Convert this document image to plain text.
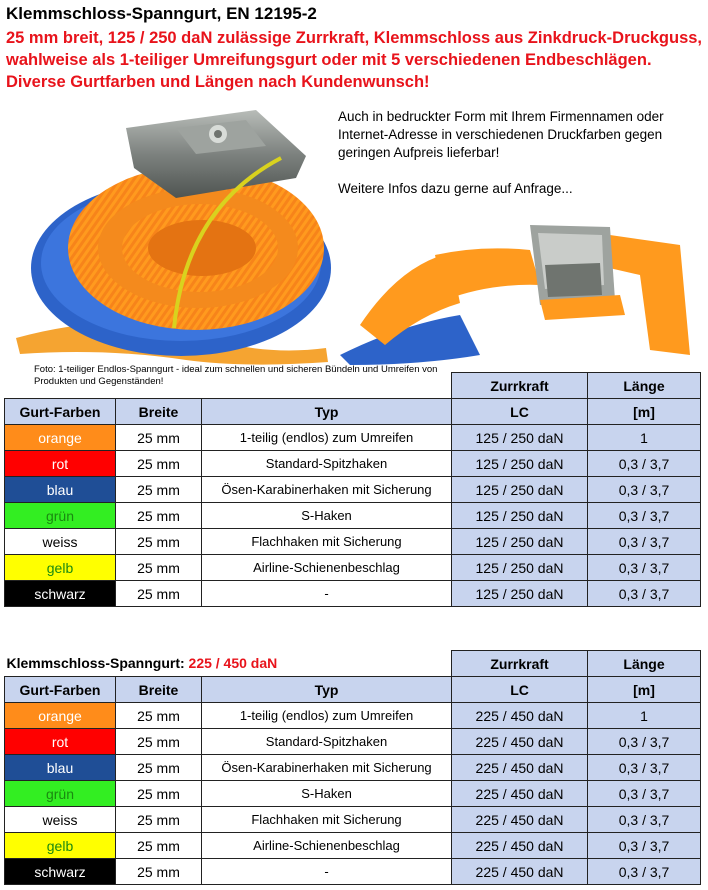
Klemmschloss-Spanngurt, EN 12195-2
25 mm breit, 125 / 250 daN zulässige Zurrkraft, Klemmschloss aus Zinkdruck-Druckguss, wahlweise als 1-teiliger Umreifungsgurt oder mit 5 verschiedenen Endbeschlägen. Diverse Gurtfarben und Längen nach Kundenwunsch!

Auch in bedruckter Form mit Ihrem Firmennamen oder Internet-Adresse in verschiedenen Druckfarben gegen geringen Aufpreis lieferbar!

Weitere Infos dazu gerne auf Anfrage...

Foto: 1-teiliger Endlos-Spanngurt - ideal zum schnellen und sicheren Bündeln und Umreifen von Produkten und Gegenständen!
				Zurrkraft	Länge
Gurt-Farben	Breite	Typ	LC	[m]
orange	25 mm	1-teilig (endlos) zum Umreifen	125 / 250 daN	1
rot	25 mm	Standard-Spitzhaken	125 / 250 daN	0,3 / 3,7
blau	25 mm	Ösen-Karabinerhaken mit Sicherung	125 / 250 daN	0,3 / 3,7
grün	25 mm	S-Haken	125 / 250 daN	0,3 / 3,7
weiss	25 mm	Flachhaken mit Sicherung	125 / 250 daN	0,3 / 3,7
gelb	25 mm	Airline-Schienenbeschlag	125 / 250 daN	0,3 / 3,7
schwarz	25 mm	-	125 / 250 daN	0,3 / 3,7
Klemmschloss-Spanngurt: 225 / 450 daN			Zurrkraft	Länge
Gurt-Farben	Breite	Typ	LC	[m]
orange	25 mm	1-teilig (endlos) zum Umreifen	225 / 450 daN	1
rot	25 mm	Standard-Spitzhaken	225 / 450 daN	0,3 / 3,7
blau	25 mm	Ösen-Karabinerhaken mit Sicherung	225 / 450 daN	0,3 / 3,7
grün	25 mm	S-Haken	225 / 450 daN	0,3 / 3,7
weiss	25 mm	Flachhaken mit Sicherung	225 / 450 daN	0,3 / 3,7
gelb	25 mm	Airline-Schienenbeschlag	225 / 450 daN	0,3 / 3,7
schwarz	25 mm	-	225 / 450 daN	0,3 / 3,7
